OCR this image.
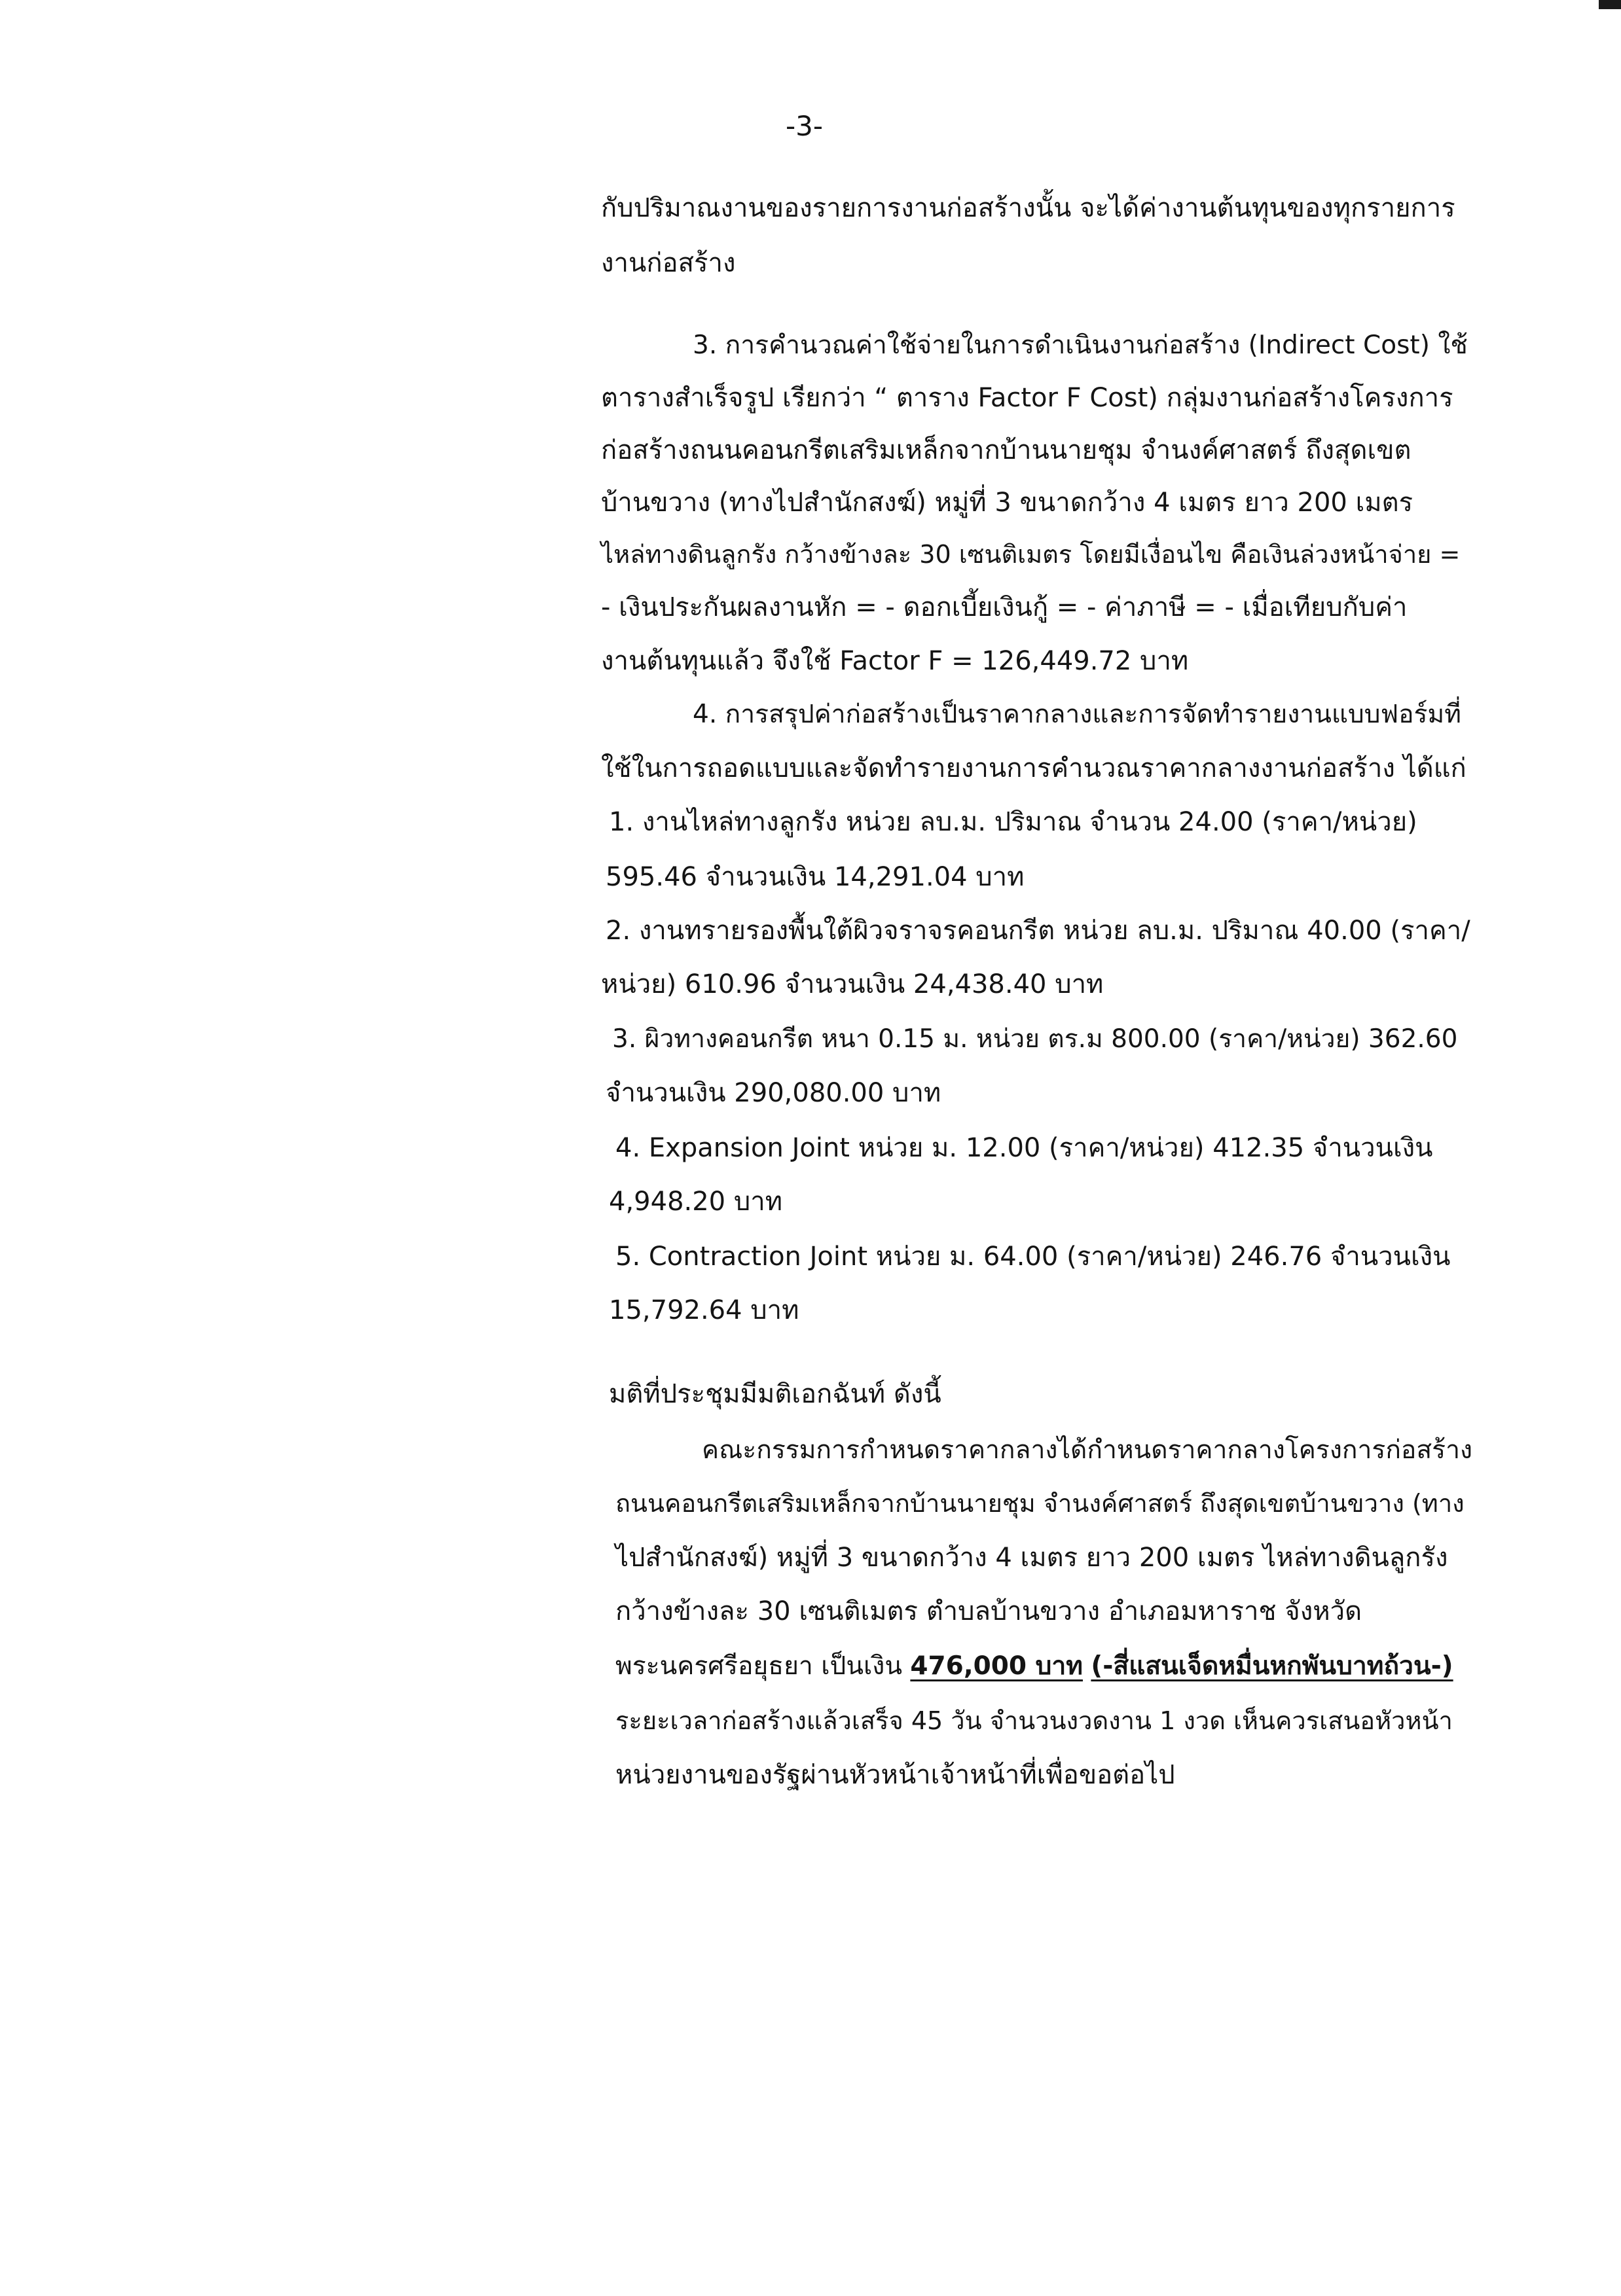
-3-
กับปริมาณงานของรายการงานก่อสร้างนั้น จะได้ค่างานต้นทุนของทุกรายการ
งานก่อสร้าง
3. การคำนวณค่าใช้จ่ายในการดำเนินงานก่อสร้าง (Indirect Cost) ใช้
ตารางสำเร็จรูป เรียกว่า “ ตาราง Factor F Cost) กลุ่มงานก่อสร้างโครงการ
ก่อสร้างถนนคอนกรีตเสริมเหล็กจากบ้านนายชุม จำนงค์ศาสตร์ ถึงสุดเขต
บ้านขวาง (ทางไปสำนักสงฆ์) หมู่ที่ 3 ขนาดกว้าง 4 เมตร ยาว 200 เมตร
ไหล่ทางดินลูกรัง กว้างข้างละ 30 เซนติเมตร โดยมีเงื่อนไข คือเงินล่วงหน้าจ่าย =
- เงินประกันผลงานหัก = - ดอกเบี้ยเงินกู้ = - ค่าภาษี = - เมื่อเทียบกับค่า
งานต้นทุนแล้ว จึงใช้ Factor F = 126,449.72 บาท
4. การสรุปค่าก่อสร้างเป็นราคากลางและการจัดทำรายงานแบบฟอร์มที่
ใช้ในการถอดแบบและจัดทำรายงานการคำนวณราคากลางงานก่อสร้าง ได้แก่
1. งานไหล่ทางลูกรัง หน่วย ลบ.ม. ปริมาณ จำนวน 24.00 (ราคา/หน่วย)
595.46 จำนวนเงิน 14,291.04 บาท
2. งานทรายรองพื้นใต้ผิวจราจรคอนกรีต หน่วย ลบ.ม. ปริมาณ 40.00 (ราคา/
หน่วย) 610.96 จำนวนเงิน 24,438.40 บาท
3. ผิวทางคอนกรีต หนา 0.15 ม. หน่วย ตร.ม 800.00 (ราคา/หน่วย) 362.60
จำนวนเงิน 290,080.00 บาท
4. Expansion Joint หน่วย ม. 12.00 (ราคา/หน่วย) 412.35 จำนวนเงิน
4,948.20 บาท
5. Contraction Joint หน่วย ม. 64.00 (ราคา/หน่วย) 246.76 จำนวนเงิน
15,792.64 บาท
มติที่ประชุมมีมติเอกฉันท์ ดังนี้
คณะกรรมการกำหนดราคากลางได้กำหนดราคากลางโครงการก่อสร้าง
ถนนคอนกรีตเสริมเหล็กจากบ้านนายชุม จำนงค์ศาสตร์ ถึงสุดเขตบ้านขวาง (ทาง
ไปสำนักสงฆ์) หมู่ที่ 3 ขนาดกว้าง 4 เมตร ยาว 200 เมตร ไหล่ทางดินลูกรัง
กว้างข้างละ 30 เซนติเมตร ตำบลบ้านขวาง อำเภอมหาราช จังหวัด
พระนครศรีอยุธยา เป็นเงิน 476,000 บาท (-สี่แสนเจ็ดหมื่นหกพันบาทถ้วน-)
ระยะเวลาก่อสร้างแล้วเสร็จ 45 วัน จำนวนงวดงาน 1 งวด เห็นควรเสนอหัวหน้า
หน่วยงานของรัฐผ่านหัวหน้าเจ้าหน้าที่เพื่อขอต่อไป
